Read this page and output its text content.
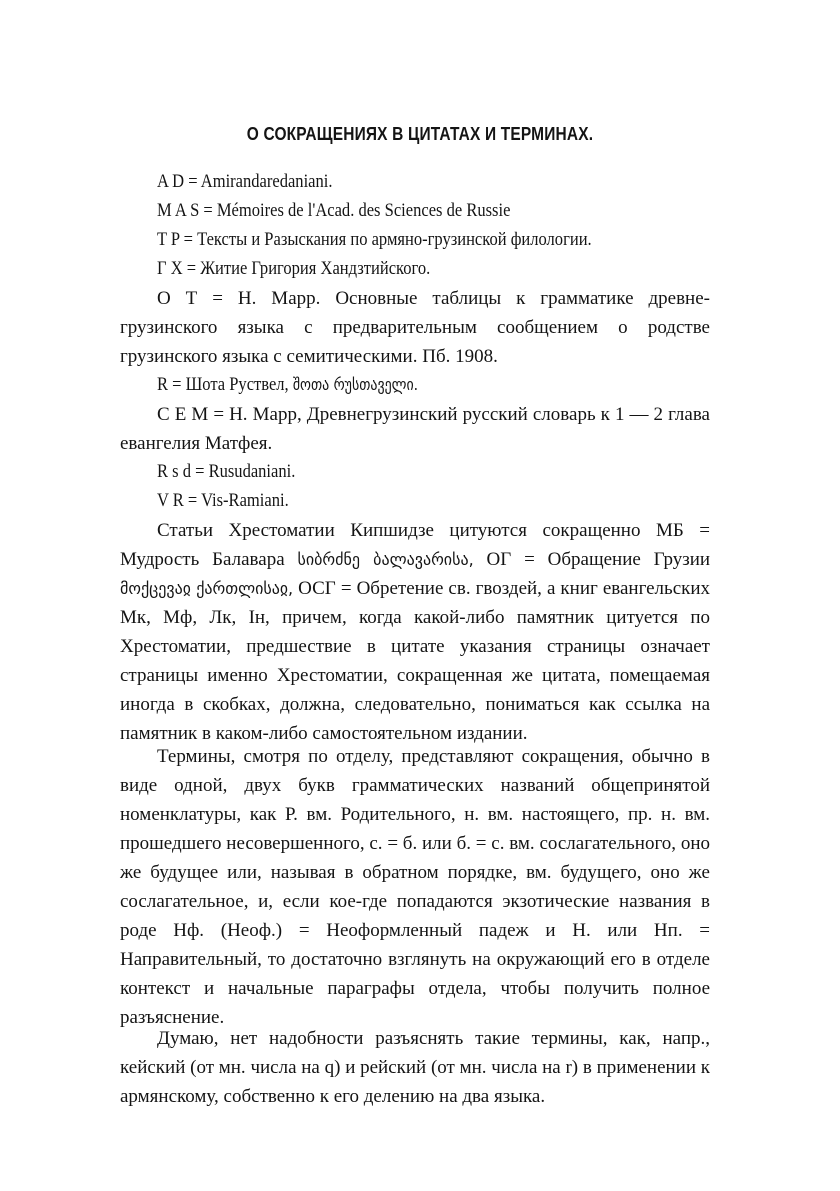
О СОКРАЩЕНИЯХ В ЦИТАТАХ И ТЕРМИНАХ.
A D = Amirandaredaniani.
M A S = Mémoires de l'Acad. des Sciences de Russie
T P = Тексты и Разыскания по армяно-грузинской филологии.
Г X = Житие Григория Хандзтийского.

О Т = Н. Марр. Основные таблицы к грамматике древне-грузинского языка с предварительным сообщением о родстве грузинского языка с семитическими. Пб. 1908.

R = Шота Руствел, შოთა რუსთაველი.

С Е М = Н. Марр, Древнегрузинский русский словарь к 1 — 2 глава евангелия Матфея.

R s d = Rusudaniani.
V R = Vis-Ramiani.

Статьи Хрестоматии Кипшидзе цитуются сокращенно МБ = Мудрость Балавара სიბრძნე ბალავარისა, ОГ = Обращение Грузии მოქცევაჲ ქართლისაჲ, ОСГ = Обретение св. гвоздей, а книг евангельских Мк, Мф, Лк, Iн, причем, когда какой-либо памятник цитуется по Хрестоматии, предшествие в цитате указания страницы означает страницы именно Хрестоматии, сокращенная же цитата, помещаемая иногда в скобках, должна, следовательно, пониматься как ссылка на памятник в каком-либо самостоятельном издании.

Термины, смотря по отделу, представляют сокращения, обычно в виде одной, двух букв грамматических названий общепринятой номенклатуры, как Р. вм. Родительного, н. вм. настоящего, пр. н. вм. прошедшего несовершенного, с. = б. или б. = с. вм. сослагательного, оно же будущее или, называя в обратном порядке, вм. будущего, оно же сослагательное, и, если кое-где попадаются экзотические названия в роде Нф. (Неоф.) = Неоформленный падеж и Н. или Нп. = Направительный, то достаточно взглянуть на окружающий его в отделе контекст и начальные параграфы отдела, чтобы получить полное разъяснение.

Думаю, нет надобности разъяснять такие термины, как, напр., кейский (от мн. числа на q) и рейский (от мн. числа на r) в применении к армянскому, собственно к его делению на два языка.
